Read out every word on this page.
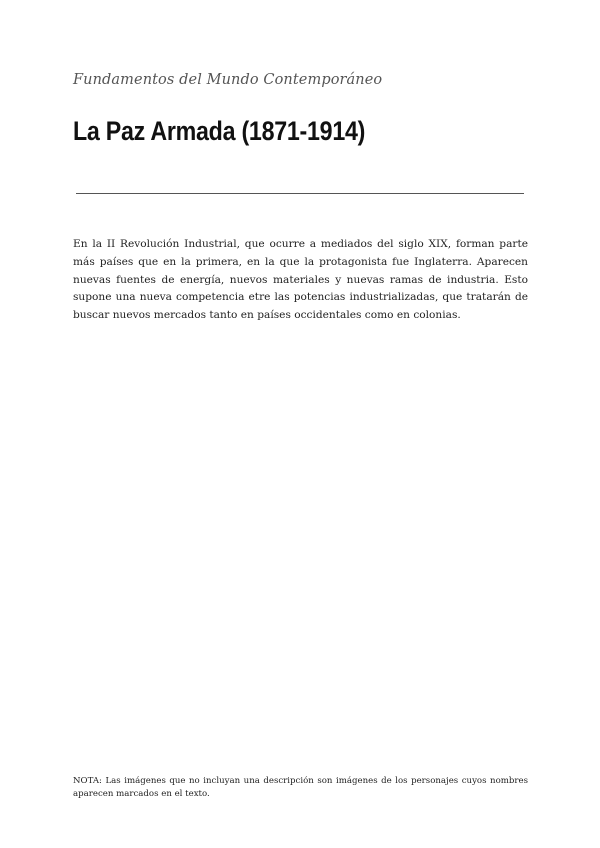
Fundamentos del Mundo Contemporáneo
La Paz Armada (1871-1914)

En la II Revolución Industrial, que ocurre a mediados del siglo XIX, forman parte más países que en la primera, en la que la protagonista fue Inglaterra. Aparecen nuevas fuentes de energía, nuevos materiales y nuevas ramas de industria. Esto supone una nueva competencia etre las potencias industrializadas, que tratarán de buscar nuevos mercados tanto en países occidentales como en colonias.

NOTA: Las imágenes que no incluyan una descripción son imágenes de los personajes cuyos nombres aparecen marcados en el texto.
